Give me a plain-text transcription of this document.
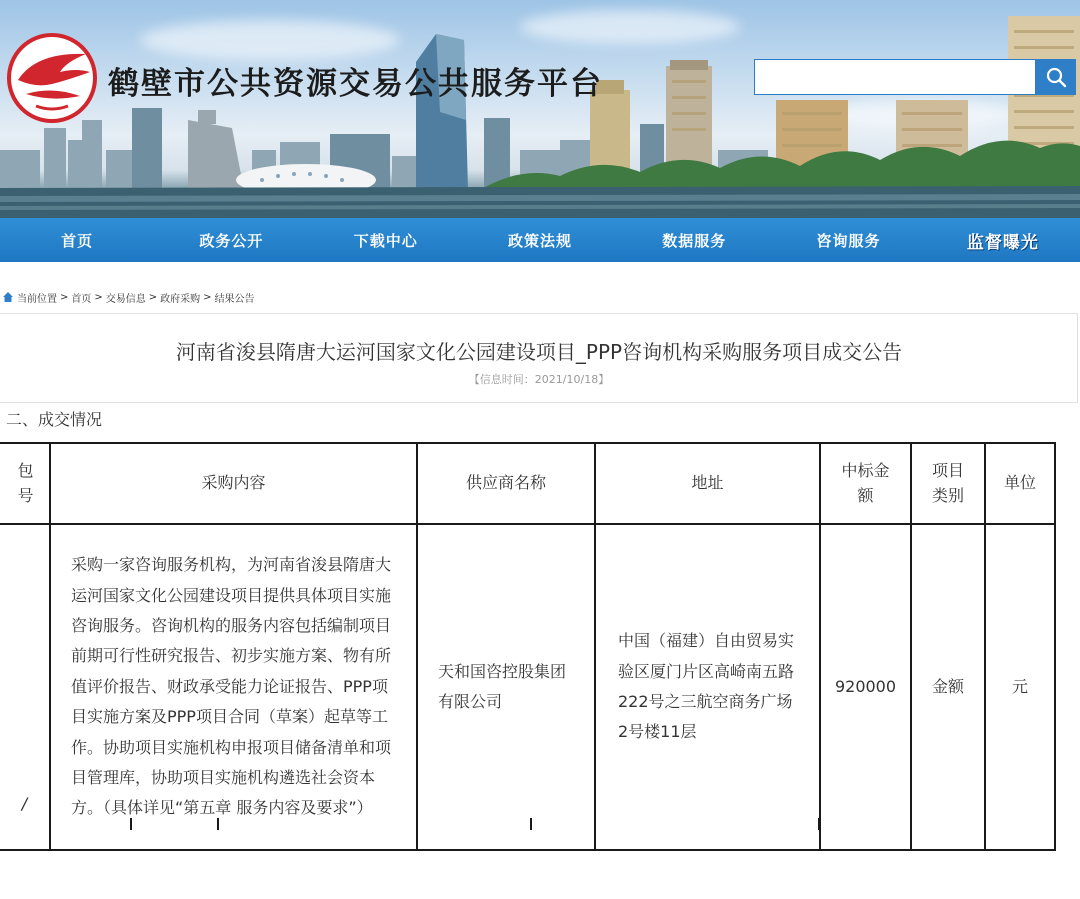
鹤壁市公共资源交易公共服务平台
首页	政务公开	下载中心	政策法规	数据服务	咨询服务	监督曝光
当前位置 > 首页 > 交易信息 > 政府采购 > 结果公告
河南省浚县隋唐大运河国家文化公园建设项目_PPP咨询机构采购服务项目成交公告
【信息时间：2021/10/18】
二、成交情况
包号	采购内容	供应商名称	地址	中标金额	项目类别	单位
/	采购一家咨询服务机构，为河南省浚县隋唐大运河国家文化公园建设项目提供具体项目实施咨询服务。咨询机构的服务内容包括编制项目前期可行性研究报告、初步实施方案、物有所值评价报告、财政承受能力论证报告、PPP项目实施方案及PPP项目合同（草案）起草等工作。协助项目实施机构申报项目储备清单和项目管理库，协助项目实施机构遴选社会资本方。（具体详见“第五章 服务内容及要求”）	天和国咨控股集团有限公司	中国（福建）自由贸易实验区厦门片区高崎南五路222号之三航空商务广场2号楼11层	920000	金额	元
